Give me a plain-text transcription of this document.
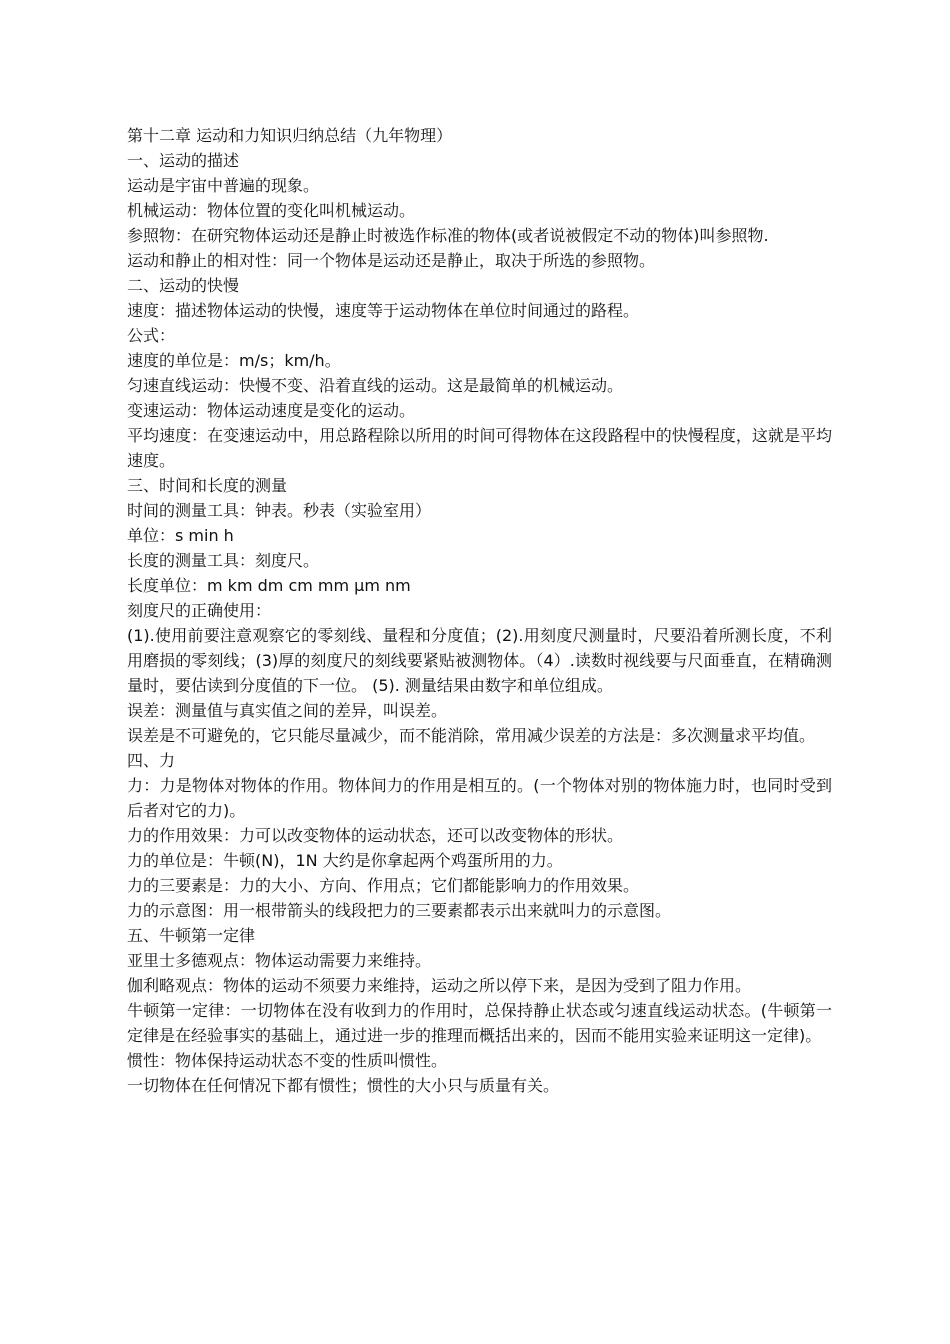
第十二章 运动和力知识归纳总结（九年物理）

一、运动的描述

运动是宇宙中普遍的现象。

机械运动：物体位置的变化叫机械运动。

参照物：在研究物体运动还是静止时被选作标准的物体(或者说被假定不动的物体)叫参照物.

运动和静止的相对性：同一个物体是运动还是静止，取决于所选的参照物。

二、运动的快慢

速度：描述物体运动的快慢，速度等于运动物体在单位时间通过的路程。

公式：

速度的单位是：m/s；km/h。

匀速直线运动：快慢不变、沿着直线的运动。这是最简单的机械运动。

变速运动：物体运动速度是变化的运动。

平均速度：在变速运动中，用总路程除以所用的时间可得物体在这段路程中的快慢程度，这就是平均速度。

三、时间和长度的测量

时间的测量工具：钟表。秒表（实验室用）

单位：s min h

长度的测量工具：刻度尺。

长度单位：m km dm cm mm μm nm

刻度尺的正确使用：

(1).使用前要注意观察它的零刻线、量程和分度值；(2).用刻度尺测量时，尺要沿着所测长度，不利用磨损的零刻线；(3)厚的刻度尺的刻线要紧贴被测物体。（4）.读数时视线要与尺面垂直，在精确测量时，要估读到分度值的下一位。 (5). 测量结果由数字和单位组成。

误差：测量值与真实值之间的差异，叫误差。

误差是不可避免的，它只能尽量减少，而不能消除，常用减少误差的方法是：多次测量求平均值。

四、力

力：力是物体对物体的作用。物体间力的作用是相互的。(一个物体对别的物体施力时，也同时受到后者对它的力)。

力的作用效果：力可以改变物体的运动状态，还可以改变物体的形状。

力的单位是：牛顿(N)，1N 大约是你拿起两个鸡蛋所用的力。

力的三要素是：力的大小、方向、作用点；它们都能影响力的作用效果。

力的示意图：用一根带箭头的线段把力的三要素都表示出来就叫力的示意图。

五、牛顿第一定律

亚里士多德观点：物体运动需要力来维持。

伽利略观点：物体的运动不须要力来维持，运动之所以停下来，是因为受到了阻力作用。

牛顿第一定律：一切物体在没有收到力的作用时，总保持静止状态或匀速直线运动状态。(牛顿第一定律是在经验事实的基础上，通过进一步的推理而概括出来的，因而不能用实验来证明这一定律)。

惯性：物体保持运动状态不变的性质叫惯性。

一切物体在任何情况下都有惯性；惯性的大小只与质量有关。
